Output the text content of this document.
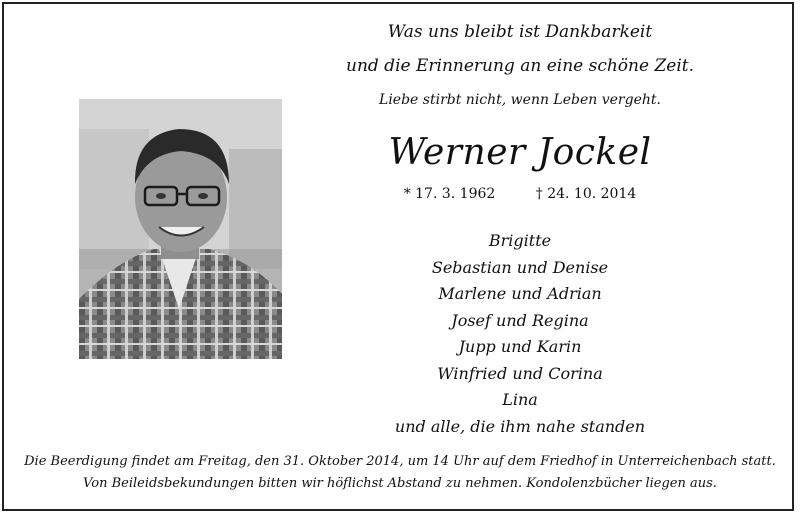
Was uns bleibt ist Dankbarkeit
und die Erinnerung an eine schöne Zeit.
Liebe stirbt nicht, wenn Leben vergeht.
Werner Jockel
* 17. 3. 1962	† 24. 10. 2014
Brigitte
Sebastian und Denise
Marlene und Adrian
Josef und Regina
Jupp und Karin
Winfried und Corina
Lina
und alle, die ihm nahe standen
Die Beerdigung findet am Freitag, den 31. Oktober 2014, um 14 Uhr auf dem Friedhof in Unterreichenbach statt.
Von Beileidsbekundungen bitten wir höflichst Abstand zu nehmen. Kondolenzbücher liegen aus.
